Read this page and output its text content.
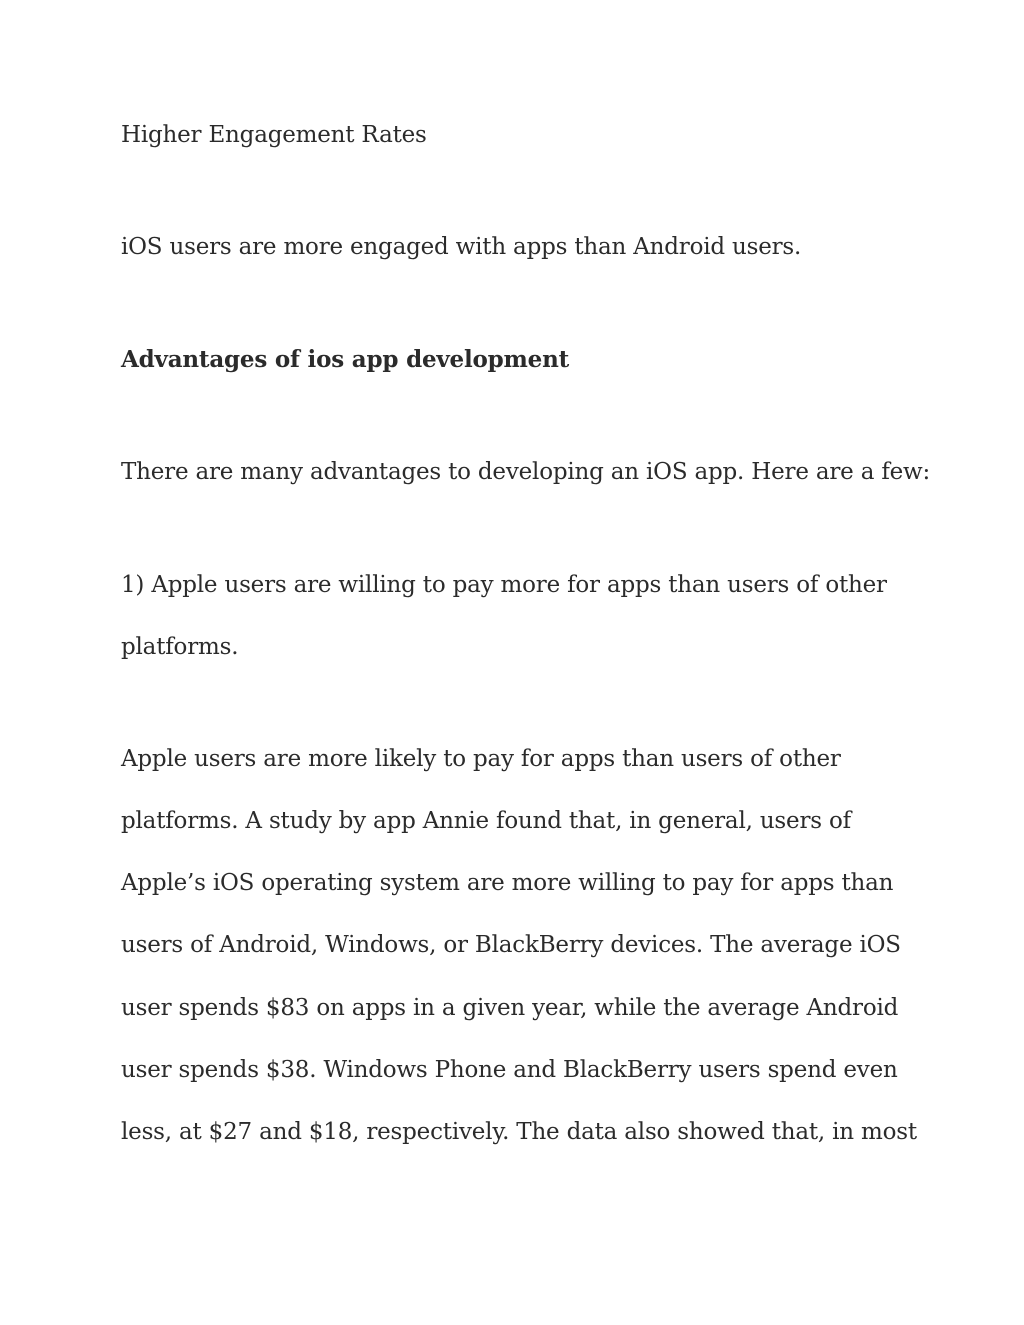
Higher Engagement Rates
iOS users are more engaged with apps than Android users.
Advantages of ios app development
There are many advantages to developing an iOS app. Here are a few:
1) Apple users are willing to pay more for apps than users of other
platforms.
Apple users are more likely to pay for apps than users of other
platforms. A study by app Annie found that, in general, users of
Apple’s iOS operating system are more willing to pay for apps than
users of Android, Windows, or BlackBerry devices. The average iOS
user spends $83 on apps in a given year, while the average Android
user spends $38. Windows Phone and BlackBerry users spend even
less, at $27 and $18, respectively. The data also showed that, in most
